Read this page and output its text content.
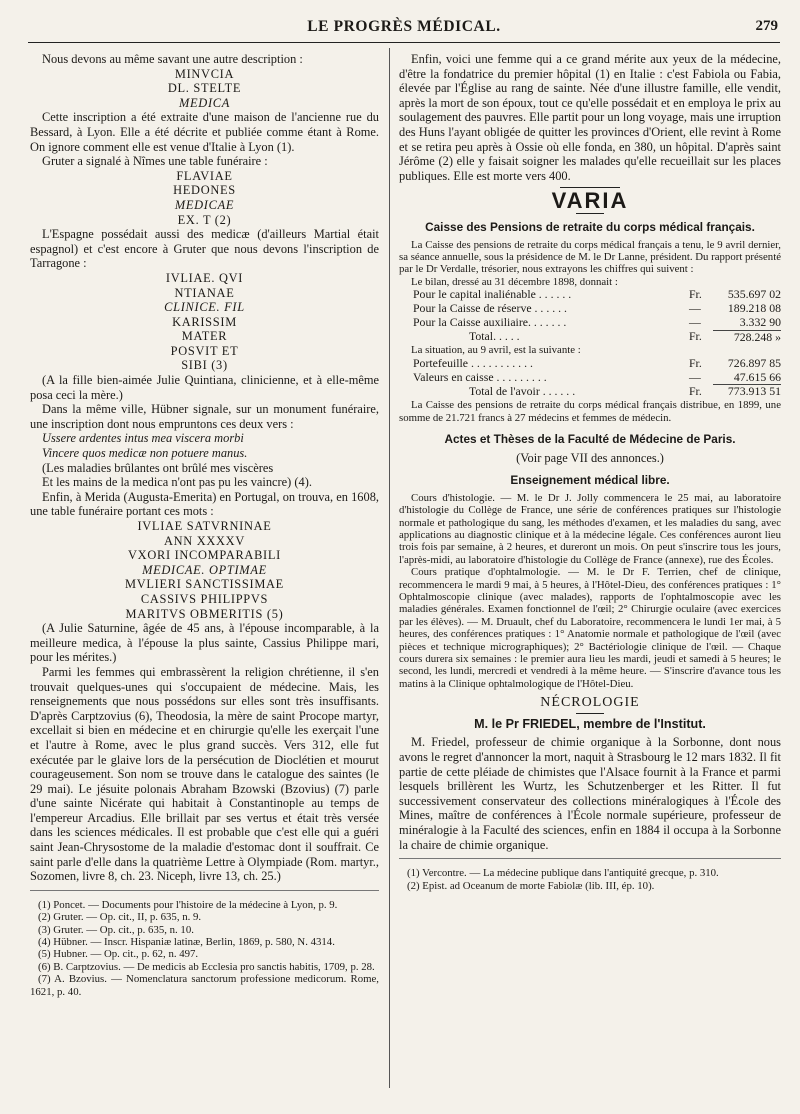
LE PROGRÈS MÉDICAL.	279

Nous devons au même savant une autre description :

MINVCIA
DL. STELTE
MEDICA

Cette inscription a été extraite d'une maison de l'ancienne rue du Bessard, à Lyon. Elle a été décrite et publiée comme étant à Rome. On ignore comment elle est venue d'Italie à Lyon (1).

Gruter a signalé à Nîmes une table funéraire :

FLAVIAE
HEDONES
MEDICAE
EX. T (2)

L'Espagne possédait aussi des medicæ (d'ailleurs Martial était espagnol) et c'est encore à Gruter que nous devons l'inscription de Tarragone :

IVLIAE. QVI
NTIANAE
CLINICE. FIL
KARISSIM
MATER
POSVIT ET
SIBI (3)

(A la fille bien-aimée Julie Quintiana, clinicienne, et à elle-même posa ceci la mère.)

Dans la même ville, Hübner signale, sur un monument funéraire, une inscription dont nous empruntons ces deux vers :

Ussere ardentes intus mea viscera morbi
Vincere quos medicæ non potuere manus.
(Les maladies brûlantes ont brûlé mes viscères
Et les mains de la medica n'ont pas pu les vaincre) (4).

Enfin, à Merida (Augusta-Emerita) en Portugal, on trouva, en 1608, une table funéraire portant ces mots :

IVLIAE SATVRNINAE
ANN XXXXV
VXORI INCOMPARABILI
MEDICAE. OPTIMAE
MVLIERI SANCTISSIMAE
CASSIVS PHILIPPVS
MARITVS OBMERITIS (5)

(A Julie Saturnine, âgée de 45 ans, à l'épouse incomparable, à la meilleure medica, à l'épouse la plus sainte, Cassius Philippe mari, pour les mérites.)

Parmi les femmes qui embrassèrent la religion chrétienne, il s'en trouvait quelques-unes qui s'occupaient de médecine. Mais, les renseignements que nous possédons sur elles sont très insuffisants. D'après Carptzovius (6), Theodosia, la mère de saint Procope martyr, excellait si bien en médecine et en chirurgie qu'elle les exerçait l'une et l'autre à Rome, avec le plus grand succès. Vers 312, elle fut exécutée par le glaive lors de la persécution de Dioclétien et mourut courageusement. Son nom se trouve dans le catalogue des saintes (le 29 mai). Le jésuite polonais Abraham Bzowski (Bzovius) (7) parle d'une sainte Nicérate qui habitait à Constantinople au temps de l'empereur Arcadius. Elle brillait par ses vertus et était très versée dans les sciences médicales. Il est probable que c'est elle qui a guéri saint Jean-Chrysostome de la maladie d'estomac dont il souffrait. Ce saint parle d'elle dans la quatrième Lettre à Olympiade (Rom. martyr., Sozomen, livre 8, ch. 23. Niceph, livre 13, ch. 25.)

(1) Poncet. — Documents pour l'histoire de la médecine à Lyon, p. 9.

(2) Gruter. — Op. cit., II, p. 635, n. 9.

(3) Gruter. — Op. cit., p. 635, n. 10.

(4) Hübner. — Inscr. Hispaniæ latinæ, Berlin, 1869, p. 580, N. 4314.

(5) Hubner. — Op. cit., p. 62, n. 497.

(6) B. Carptzovius. — De medicis ab Ecclesia pro sanctis habitis, 1709, p. 28.

(7) A. Bzovius. — Nomenclatura sanctorum professione medicorum. Rome, 1621, p. 40.

Enfin, voici une femme qui a ce grand mérite aux yeux de la médecine, d'être la fondatrice du premier hôpital (1) en Italie : c'est Fabiola ou Fabia, élevée par l'Église au rang de sainte. Née d'une illustre famille, elle vendit, après la mort de son époux, tout ce qu'elle possédait et en employa le prix au soulagement des pauvres. Elle partit pour un long voyage, mais une irruption des Huns l'ayant obligée de quitter les provinces d'Orient, elle revint à Rome et se retira peu après à Ossie où elle fonda, en 380, un hôpital. D'après saint Jérôme (2) elle y faisait soigner les malades qu'elle recueillait sur les places publiques. Elle est morte vers 400.

VARIA
Caisse des Pensions de retraite du corps médical français.

La Caisse des pensions de retraite du corps médical français a tenu, le 9 avril dernier, sa séance annuelle, sous la présidence de M. le Dr Lanne, président. Du rapport présenté par le Dr Verdalle, trésorier, nous extrayons les chiffres qui suivent :

Le bilan, dressé au 31 décembre 1898, donnait :

Pour le capital inaliénable . . . . . .	Fr.	535.697 02
Pour la Caisse de réserve . . . . . .	—	189.218 08
Pour la Caisse auxiliaire. . . . . . .	—	3.332 90
Total. . . . .	Fr.	728.248 »

La situation, au 9 avril, est la suivante :

Portefeuille . . . . . . . . . . .	Fr.	726.897 85
Valeurs en caisse . . . . . . . . .	—	47.615 66
Total de l'avoir . . . . . .	Fr.	773.913 51

La Caisse des pensions de retraite du corps médical français distribue, en 1899, une somme de 21.721 francs à 27 médecins et femmes de médecin.

Actes et Thèses de la Faculté de Médecine de Paris.
(Voir page VII des annonces.)
Enseignement médical libre.

Cours d'histologie. — M. le Dr J. Jolly commencera le 25 mai, au laboratoire d'histologie du Collège de France, une série de conférences pratiques sur l'histologie normale et pathologique du sang, les méthodes d'examen, et les maladies du sang, avec applications au diagnostic clinique et à la médecine légale. Ces conférences auront lieu trois fois par semaine, à 2 heures, et dureront un mois. On peut s'inscrire tous les jours, l'après-midi, au laboratoire d'histologie du Collège de France (annexe), rue des Écoles.

Cours pratique d'ophtalmologie. — M. le Dr F. Terrien, chef de clinique, recommencera le mardi 9 mai, à 5 heures, à l'Hôtel-Dieu, des conférences pratiques : 1° Ophtalmoscopie clinique (avec malades), rapports de l'ophtalmoscopie avec les maladies générales. Examen fonctionnel de l'œil; 2° Chirurgie oculaire (avec exercices par les élèves). — M. Druault, chef du Laboratoire, recommencera le lundi 1er mai, à 5 heures, des conférences pratiques : 1° Anatomie normale et pathologique de l'œil (avec pièces et technique micrographiques); 2° Bactériologie clinique de l'œil. — Chaque cours durera six semaines : le premier aura lieu les mardi, jeudi et samedi à 5 heures; le second, les lundi, mercredi et vendredi à la même heure. — S'inscrire d'avance tous les matins à la Clinique ophtalmologique de l'Hôtel-Dieu.

NÉCROLOGIE
M. le Pr FRIEDEL, membre de l'Institut.

M. Friedel, professeur de chimie organique à la Sorbonne, dont nous avons le regret d'annoncer la mort, naquit à Strasbourg le 12 mars 1832. Il fit partie de cette pléiade de chimistes que l'Alsace fournit à la France et parmi lesquels brillèrent les Wurtz, les Schutzenberger et les Ritter. Il fut successivement conservateur des collections minéralogiques à l'École des Mines, maître de conférences à l'École normale supérieure, professeur de minéralogie à la Faculté des sciences, enfin en 1884 il occupa à la Sorbonne la chaire de chimie organique.

(1) Vercontre. — La médecine publique dans l'antiquité grecque, p. 310.

(2) Epist. ad Oceanum de morte Fabiolæ (lib. III, ép. 10).
